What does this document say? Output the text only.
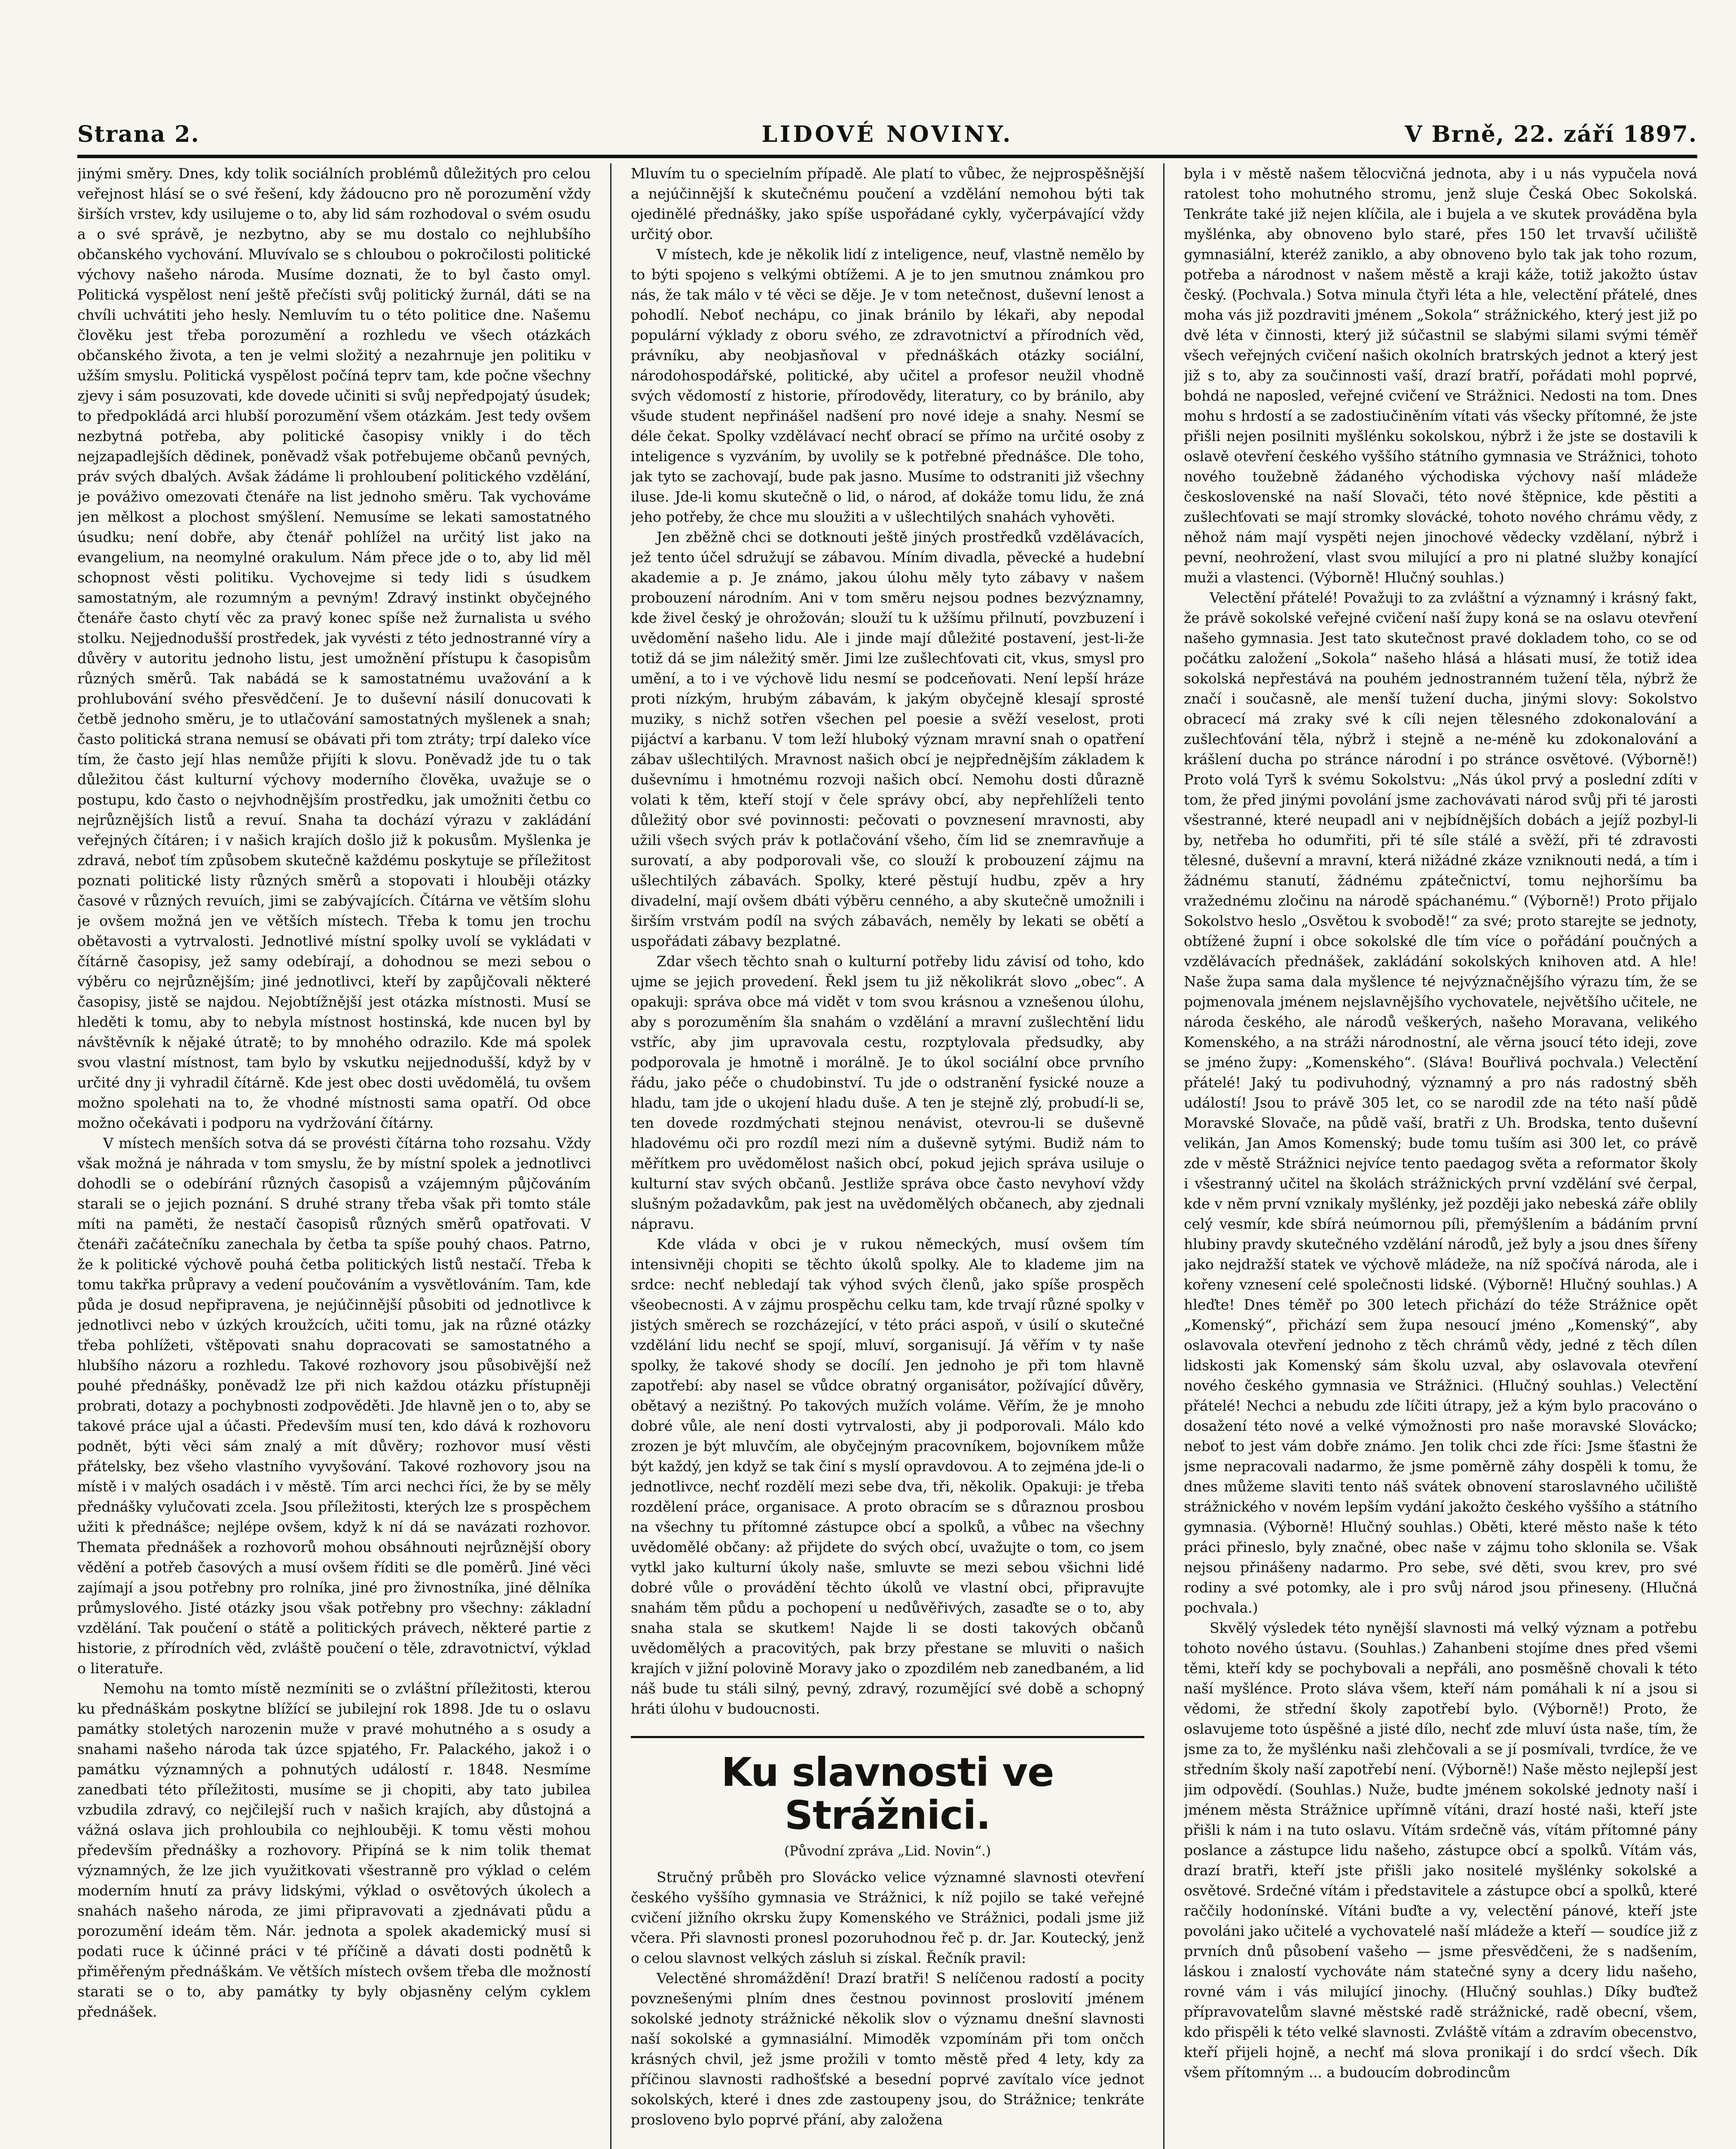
Strana 2.	LIDOVÉ NOVINY.	V Brně, 22. září 1897.

jinými směry. Dnes, kdy tolik sociálních problémů důležitých pro celou veřejnost hlásí se o své řešení, kdy žádoucno pro ně porozumění vždy širších vrstev, kdy usilujeme o to, aby lid sám rozhodoval o svém osudu a o své správě, je nezbytno, aby se mu dostalo co nejhlubšího občanského vychování. Mluvívalo se s chloubou o pokročilosti politické výchovy našeho národa. Musíme doznati, že to byl často omyl. Politická vyspělost není ještě přečísti svůj politický žurnál, dáti se na chvíli uchvátiti jeho hesly. Nemluvím tu o této politice dne. Našemu člověku jest třeba porozumění a rozhledu ve všech otázkách občanského života, a ten je velmi složitý a nezahrnuje jen politiku v užším smyslu. Politická vyspělost počíná teprv tam, kde počne všechny zjevy i sám posuzovati, kde dovede učiniti si svůj nepředpojatý úsudek; to předpokládá arci hlubší porozumění všem otázkám. Jest tedy ovšem nezbytná potřeba, aby politické časopisy vnikly i do těch nejzapadlejších dědinek, poněvadž však potřebujeme občanů pevných, práv svých dbalých. Avšak žádáme li prohloubení politického vzdělání, je pováživo omezovati čtenáře na list jednoho směru. Tak vychováme jen mělkost a plochost smýšlení. Nemusíme se lekati samostatného úsudku; není dobře, aby čtenář pohlížel na určitý list jako na evangelium, na neomylné orakulum. Nám přece jde o to, aby lid měl schopnost věsti politiku. Vychovejme si tedy lidi s úsudkem samostatným, ale rozumným a pevným! Zdravý instinkt obyčejného čtenáře často chytí věc za pravý konec spíše než žurnalista u svého stolku. Nejjednodušší prostředek, jak vyvésti z této jednostranné víry a důvěry v autoritu jednoho listu, jest umožnění přístupu k časopisům různých směrů. Tak nabádá se k samostatnému uvažování a k prohlubování svého přesvědčení. Je to duševní násilí donucovati k četbě jednoho směru, je to utlačování samostatných myšlenek a snah; často politická strana nemusí se obávati při tom ztráty; trpí daleko více tím, že často její hlas nemůže přijíti k slovu. Poněvadž jde tu o tak důležitou část kulturní výchovy moderního člověka, uvažuje se o postupu, kdo často o nejvhodnějším prostředku, jak umožniti četbu co nejrůznějších listů a revuí. Snaha ta dochází výrazu v zakládání veřejných čítáren; i v našich krajích došlo již k pokusům. Myšlenka je zdravá, neboť tím způsobem skutečně každému poskytuje se příležitost poznati politické listy různých směrů a stopovati i hlouběji otázky časové v různých revuích, jimi se zabývajících. Čítárna ve větším slohu je ovšem možná jen ve větších místech. Třeba k tomu jen trochu obětavosti a vytrvalosti. Jednotlivé místní spolky uvolí se vykládati v čítárně časopisy, jež samy odebírají, a dohodnou se mezi sebou o výběru co nejrůznějším; jiné jednotlivci, kteří by zapůjčovali některé časopisy, jistě se najdou. Nejobtížnější jest otázka místnosti. Musí se hleděti k tomu, aby to nebyla místnost hostinská, kde nucen byl by návštěvník k nějaké útratě; to by mnohého odrazilo. Kde má spolek svou vlastní místnost, tam bylo by vskutku nejjednodušší, když by v určité dny ji vyhradil čítárně. Kde jest obec dosti uvědomělá, tu ovšem možno spolehati na to, že vhodné místnosti sama opatří. Od obce možno očekávati i podporu na vydržování čítárny.

V místech menších sotva dá se provésti čítárna toho rozsahu. Vždy však možná je náhrada v tom smyslu, že by místní spolek a jednotlivci dohodli se o odebírání různých časopisů a vzájemným půjčováním starali se o jejich poznání. S druhé strany třeba však při tomto stále míti na paměti, že nestačí časopisů různých směrů opatřovati. V čtenáři začátečníku zanechala by četba ta spíše pouhý chaos. Patrno, že k politické výchově pouhá četba politických listů nestačí. Třeba k tomu takřka průpravy a vedení poučováním a vysvětlováním. Tam, kde půda je dosud nepřipravena, je nejúčinnější působiti od jednotlivce k jednotlivci nebo v úzkých kroužcích, učiti tomu, jak na různé otázky třeba pohlížeti, vštěpovati snahu dopracovati se samostatného a hlubšího názoru a rozhledu. Takové rozhovory jsou působivější než pouhé přednášky, poněvadž lze při nich každou otázku přístupněji probrati, dotazy a pochybnosti zodpověděti. Jde hlavně jen o to, aby se takové práce ujal a účasti. Především musí ten, kdo dává k rozhovoru podnět, býti věci sám znalý a mít důvěry; rozhovor musí věsti přátelsky, bez všeho vlastního vyvyšování. Takové rozhovory jsou na místě i v malých osadách i v městě. Tím arci nechci říci, že by se měly přednášky vylučovati zcela. Jsou příležitosti, kterých lze s prospěchem užiti k přednášce; nejlépe ovšem, když k ní dá se navázati rozhovor. Themata přednášek a rozhovorů mohou obsáhnouti nejrůznější obory vědění a potřeb časových a musí ovšem říditi se dle poměrů. Jiné věci zajímají a jsou potřebny pro rolníka, jiné pro živnostníka, jiné dělníka průmyslového. Jisté otázky jsou však potřebny pro všechny: základní vzdělání. Tak poučení o státě a politických právech, některé partie z historie, z přírodních věd, zvláště poučení o těle, zdravotnictví, výklad o literatuře.

Nemohu na tomto místě nezmíniti se o zvláštní příležitosti, kterou ku přednáškám poskytne blížící se jubilejní rok 1898. Jde tu o oslavu památky stoletých narozenin muže v pravé mohutného a s osudy a snahami našeho národa tak úzce spjatého, Fr. Palackého, jakož i o památku významných a pohnutých událostí r. 1848. Nesmíme zanedbati této příležitosti, musíme se ji chopiti, aby tato jubilea vzbudila zdravý, co nejčilejší ruch v našich krajích, aby důstojná a vážná oslava jich prohloubila co nejhlouběji. K tomu věsti mohou především přednášky a rozhovory. Připíná se k nim tolik themat významných, že lze jich využitkovati všestranně pro výklad o celém moderním hnutí za právy lidskými, výklad o osvětových úkolech a snahách našeho národa, ze jimi připravovati a zjednávati půdu a porozumění ideám těm. Nár. jednota a spolek akademický musí si podati ruce k účinné práci v té příčině a dávati dosti podnětů k přiměřeným přednáškám. Ve větších místech ovšem třeba dle možností starati se o to, aby památky ty byly objasněny celým cyklem přednášek.

Mluvím tu o specielním případě. Ale platí to vůbec, že nejprospěšnější a nejúčinnější k skutečnému poučení a vzdělání nemohou býti tak ojedinělé přednášky, jako spíše uspořádané cykly, vyčerpávající vždy určitý obor.

V místech, kde je několik lidí z inteligence, neuf, vlastně nemělo by to býti spojeno s velkými obtížemi. A je to jen smutnou známkou pro nás, že tak málo v té věci se děje. Je v tom netečnost, duševní lenost a pohodlí. Neboť nechápu, co jinak bránilo by lékaři, aby nepodal populární výklady z oboru svého, ze zdravotnictví a přírodních věd, právníku, aby neobjasňoval v přednáškách otázky sociální, národohospodářské, politické, aby učitel a profesor neužil vhodně svých vědomostí z historie, přírodovědy, literatury, co by bránilo, aby všude student nepřinášel nadšení pro nové ideje a snahy. Nesmí se déle čekat. Spolky vzdělávací nechť obrací se přímo na určité osoby z inteligence s vyzváním, by uvolily se k potřebné přednášce. Dle toho, jak tyto se zachovají, bude pak jasno. Musíme to odstraniti již všechny iluse. Jde-li komu skutečně o lid, o národ, ať dokáže tomu lidu, že zná jeho potřeby, že chce mu sloužiti a v ušlechtilých snahách vyhověti.

Jen zběžně chci se dotknouti ještě jiných prostředků vzdělávacích, jež tento účel sdružují se zábavou. Míním divadla, pěvecké a hudební akademie a p. Je známo, jakou úlohu měly tyto zábavy v našem probouzení národním. Ani v tom směru nejsou podnes bezvýznamny, kde živel český je ohrožován; slouží tu k užšímu přilnutí, povzbuzení i uvědomění našeho lidu. Ale i jinde mají důležité postavení, jest-li-že totiž dá se jim náležitý směr. Jimi lze zušlechťovati cit, vkus, smysl pro umění, a to i ve výchově lidu nesmí se podceňovati. Není lepší hráze proti nízkým, hrubým zábavám, k jakým obyčejně klesají sprosté muziky, s nichž sotřen všechen pel poesie a svěží veselost, proti pijáctví a karbanu. V tom leží hluboký význam mravní snah o opatření zábav ušlechtilých. Mravnost našich obcí je nejpřednějším základem k duševnímu i hmotnému rozvoji našich obcí. Nemohu dosti důrazně volati k těm, kteří stojí v čele správy obcí, aby nepřehlíželi tento důležitý obor své povinnosti: pečovati o povznesení mravnosti, aby užili všech svých práv k potlačování všeho, čím lid se znemravňuje a surovatí, a aby podporovali vše, co slouží k probouzení zájmu na ušlechtilých zábavách. Spolky, které pěstují hudbu, zpěv a hry divadelní, mají ovšem dbáti výběru cenného, a aby skutečně umožnili i širším vrstvám podíl na svých zábavách, neměly by lekati se obětí a uspořádati zábavy bezplatné.

Zdar všech těchto snah o kulturní potřeby lidu závisí od toho, kdo ujme se jejich provedení. Řekl jsem tu již několikrát slovo „obec“. A opakuji: správa obce má vidět v tom svou krásnou a vznešenou úlohu, aby s porozuměním šla snahám o vzdělání a mravní zušlechtění lidu vstříc, aby jim upravovala cestu, rozptylovala předsudky, aby podporovala je hmotně i morálně. Je to úkol sociální obce prvního řádu, jako péče o chudobinství. Tu jde o odstranění fysické nouze a hladu, tam jde o ukojení hladu duše. A ten je stejně zlý, probudí-li se, ten dovede rozdmýchati stejnou nenávist, otevrou-li se duševně hladovému oči pro rozdíl mezi ním a duševně sytými. Budiž nám to měřítkem pro uvědomělost našich obcí, pokud jejich správa usiluje o kulturní stav svých občanů. Jestliže správa obce často nevyhoví vždy slušným požadavkům, pak jest na uvědomělých občanech, aby zjednali nápravu.

Kde vláda v obci je v rukou německých, musí ovšem tím intensivněji chopiti se těchto úkolů spolky. Ale to klademe jim na srdce: nechť nebledají tak výhod svých členů, jako spíše prospěch všeobecnosti. A v zájmu prospěchu celku tam, kde trvají různé spolky v jistých směrech se rozcházející, v této práci aspoň, v úsilí o skutečné vzdělání lidu nechť se spojí, mluví, sorganisují. Já věřím v ty naše spolky, že takové shody se docílí. Jen jednoho je při tom hlavně zapotřebí: aby nasel se vůdce obratný organisátor, požívající důvěry, obětavý a nezištný. Po takových mužích voláme. Věřím, že je mnoho dobré vůle, ale není dosti vytrvalosti, aby ji podporovali. Málo kdo zrozen je být mluvčím, ale obyčejným pracovníkem, bojovníkem může být každý, jen když se tak činí s myslí opravdovou. A to zejména jde-li o jednotlivce, nechť rozdělí mezi sebe dva, tři, několik. Opakuji: je třeba rozdělení práce, organisace. A proto obracím se s důraznou prosbou na všechny tu přítomné zástupce obcí a spolků, a vůbec na všechny uvědomělé občany: až přijdete do svých obcí, uvažujte o tom, co jsem vytkl jako kulturní úkoly naše, smluvte se mezi sebou všichni lidé dobré vůle o provádění těchto úkolů ve vlastní obci, připravujte snahám těm půdu a pochopení u nedůvěřivých, zasaďte se o to, aby snaha stala se skutkem! Najde li se dosti takových občanů uvědomělých a pracovitých, pak brzy přestane se mluviti o našich krajích v jižní polovině Moravy jako o zpozdilém neb zanedbaném, a lid náš bude tu stáli silný, pevný, zdravý, rozumějící své době a schopný hráti úlohu v budoucnosti.

Ku slavnosti ve Strážnici.
(Původní zpráva „Lid. Novin“.)

Stručný průběh pro Slovácko velice významné slavnosti otevření českého vyššího gymnasia ve Strážnici, k níž pojilo se také veřejné cvičení jižního okrsku župy Komenského ve Strážnici, podali jsme již včera. Při slavnosti pronesl pozoruhodnou řeč p. dr. Jar. Koutecký, jenž o celou slavnost velkých zásluh si získal. Řečník pravil:

Velectěné shromáždění! Drazí bratři! S nelíčenou radostí a pocity povznešenými plním dnes čestnou povinnost proslovití jménem sokolské jednoty strážnické několik slov o významu dnešní slavnosti naší sokolské a gymnasiální. Mimoděk vzpomínám při tom ončch krásných chvil, jež jsme prožili v tomto městě před 4 lety, kdy za příčinou slavnosti radhošťské a besední poprvé zavítalo více jednot sokolských, které i dnes zde zastoupeny jsou, do Strážnice; tenkráte prosloveno bylo poprvé přání, aby založena

byla i v městě našem tělocvičná jednota, aby i u nás vypučela nová ratolest toho mohutného stromu, jenž sluje Česká Obec Sokolská. Tenkráte také již nejen klíčila, ale i bujela a ve skutek prováděna byla myšlénka, aby obnoveno bylo staré, přes 150 let trvavší učiliště gymnasiální, kteréž zaniklo, a aby obnoveno bylo tak jak toho rozum, potřeba a národnost v našem městě a kraji káže, totiž jakožto ústav český. (Pochvala.) Sotva minula čtyři léta a hle, velectění přátelé, dnes moha vás již pozdraviti jménem „Sokola“ strážnického, který jest již po dvě léta v činnosti, který již súčastnil se slabými silami svými téměř všech veřejných cvičení našich okolních bratrských jednot a který jest již s to, aby za součinnosti vaší, drazí bratří, pořádati mohl poprvé, bohdá ne naposled, veřejné cvičení ve Strážnici. Nedosti na tom. Dnes mohu s hrdostí a se zadostiučiněním vítati vás všecky přítomné, že jste přišli nejen posilniti myšlénku sokolskou, nýbrž i že jste se dostavili k oslavě otevření českého vyššího státního gymnasia ve Strážnici, tohoto nového toužebně žádaného východiska výchovy naší mládeže československé na naší Slovači, této nové štěpnice, kde pěstiti a zušlechťovati se mají stromky slovácké, tohoto nového chrámu vědy, z něhož nám mají vyspěti nejen jinochové vědecky vzdělaní, nýbrž i pevní, neohrožení, vlast svou milující a pro ni platné služby konající muži a vlastenci. (Výborně! Hlučný souhlas.)

Velectění přátelé! Považuji to za zvláštní a významný i krásný fakt, že právě sokolské veřejné cvičení naší župy koná se na oslavu otevření našeho gymnasia. Jest tato skutečnost pravé dokladem toho, co se od počátku založení „Sokola“ našeho hlásá a hlásati musí, že totiž idea sokolská nepřestává na pouhém jednostranném tužení těla, nýbrž že značí i současně, ale menší tužení ducha, jinými slovy: Sokolstvo obracecí má zraky své k cíli nejen tělesného zdokonalování a zušlechťování těla, nýbrž i stejně a ne-méně ku zdokonalování a krášlení ducha po stránce národní i po stránce osvětové. (Výborně!) Proto volá Tyrš k svému Sokolstvu: „Nás úkol prvý a poslední zdíti v tom, že před jinými povolání jsme zachovávati národ svůj při té jarosti všestranné, které neupadl ani v nejbídnějších dobách a jejíž pozbyl-li by, netřeba ho odumřiti, při té síle stálé a svěží, při té zdravosti tělesné, duševní a mravní, která nižádné zkáze vzniknouti nedá, a tím i žádnému stanutí, žádnému zpátečnictví, tomu nejhoršímu ba vražednému zločinu na národě spáchanému.“ (Výborně!) Proto přijalo Sokolstvo heslo „Osvětou k svobodě!“ za své; proto starejte se jednoty, obtížené župní i obce sokolské dle tím více o pořádání poučných a vzdělávacích přednášek, zakládání sokolských knihoven atd. A hle! Naše župa sama dala myšlence té nejvýznačnějšího výrazu tím, že se pojmenovala jménem nejslavnějšího vychovatele, největšího učitele, ne národa českého, ale národů veškerých, našeho Moravana, velikého Komenského, a na stráži národnostní, ale věrna jsoucí této ideji, zove se jméno župy: „Komenského“. (Sláva! Bouřlivá pochvala.) Velectění přátelé! Jaký tu podivuhodný, významný a pro nás radostný sběh událostí! Jsou to právě 305 let, co se narodil zde na této naší půdě Moravské Slovače, na půdě vaší, bratři z Uh. Brodska, tento duševní velikán, Jan Amos Komenský; bude tomu tuším asi 300 let, co právě zde v městě Strážnici nejvíce tento paedagog světa a reformator školy i všestranný učitel na školách strážnických první vzdělání své čerpal, kde v něm první vznikaly myšlénky, jež později jako nebeská záře oblily celý vesmír, kde sbírá neúmornou píli, přemýšlením a bádáním první hlubiny pravdy skutečného vzdělání národů, jež byly a jsou dnes šířeny jako nejdražší statek ve výchově mládeže, na níž spočívá národa, ale i kořeny vznesení celé společnosti lidské. (Výborně! Hlučný souhlas.) A hleďte! Dnes téměř po 300 letech přichází do téže Strážnice opět „Komenský“, přichází sem župa nesoucí jméno „Komenský“, aby oslavovala otevření jednoho z těch chrámů vědy, jedné z těch dílen lidskosti jak Komenský sám školu uzval, aby oslavovala otevření nového českého gymnasia ve Strážnici. (Hlučný souhlas.) Velectění přátelé! Nechci a nebudu zde líčiti útrapy, jež a kým bylo pracováno o dosažení této nové a velké výmožnosti pro naše moravské Slovácko; neboť to jest vám dobře známo. Jen tolik chci zde říci: Jsme šťastni že jsme nepracovali nadarmo, že jsme poměrně záhy dospěli k tomu, že dnes můžeme slaviti tento náš svátek obnovení staroslavného učiliště strážnického v novém lepším vydání jakožto českého vyššího a státního gymnasia. (Výborně! Hlučný souhlas.) Oběti, které město naše k této práci přineslo, byly značné, obec naše v zájmu toho sklonila se. Však nejsou přinášeny nadarmo. Pro sebe, své děti, svou krev, pro své rodiny a své potomky, ale i pro svůj národ jsou přineseny. (Hlučná pochvala.)

Skvělý výsledek této nynější slavnosti má velký význam a potřebu tohoto nového ústavu. (Souhlas.) Zahanbeni stojíme dnes před všemi těmi, kteří kdy se pochybovali a nepřáli, ano posměšně chovali k této naší myšlénce. Proto sláva všem, kteří nám pomáhali k ní a jsou si vědomi, že střední školy zapotřebí bylo. (Výborně!) Proto, že oslavujeme toto úspěšné a jisté dílo, nechť zde mluví ústa naše, tím, že jsme za to, že myšlénku naši zlehčovali a se jí posmívali, tvrdíce, že ve středním školy naší zapotřebí není. (Výborně!) Naše město nejlepší jest jim odpovědí. (Souhlas.) Nuže, budte jménem sokolské jednoty naší i jménem města Strážnice upřímně vítáni, drazí hosté naši, kteří jste přišli k nám i na tuto oslavu. Vítám srdečně vás, vítám přítomné pány poslance a zástupce lidu našeho, zástupce obcí a spolků. Vítám vás, drazí bratři, kteří jste přišli jako nositelé myšlénky sokolské a osvětové. Srdečné vítám i představitele a zástupce obcí a spolků, které raččily hodonínské. Vítáni buďte a vy, velectění pánové, kteří jste povoláni jako učitelé a vychovatelé naší mládeže a kteří — soudíce již z prvních dnů působení vašeho — jsme přesvědčeni, že s nadšením, láskou i znalostí vychováte nám statečné syny a dcery lidu našeho, rovné vám i vás milující jinochy. (Hlučný souhlas.) Díky buďtež přípravovatelům slavné městské radě strážnické, radě obecní, všem, kdo přispěli k této velké slavnosti. Zvláště vítám a zdravím obecenstvo, kteří přijeli hojně, a nechť má slova pronikají i do srdcí všech. Dík všem přítomným ... a budoucím dobrodincům
